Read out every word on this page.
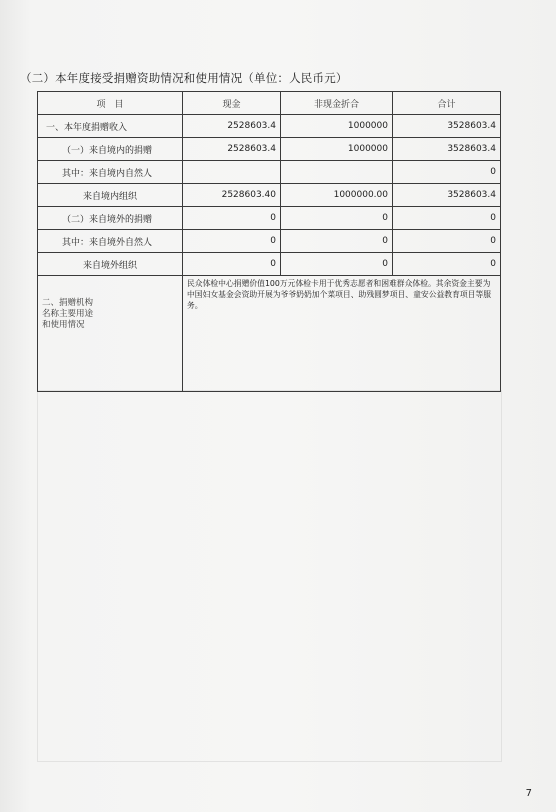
（二）本年度接受捐赠资助情况和使用情况（单位：人民币元）
项　目	现金	非现金折合	合计
一、本年度捐赠收入	2528603.4	1000000	3528603.4
（一）来自境内的捐赠	2528603.4	1000000	3528603.4
其中：来自境内自然人			0
来自境内组织	2528603.40	1000000.00	3528603.4
（二）来自境外的捐赠	0	0	0
其中：来自境外自然人	0	0	0
来自境外组织	0	0	0

二、捐赠机构名称主要用途和使用情况	民众体检中心捐赠价值100万元体检卡用于优秀志愿者和困难群众体检。其余资金主要为中国妇女基金会资助开展为爷爷奶奶加个菜项目、助残圆梦项目、童安公益教育项目等服务。		
7
